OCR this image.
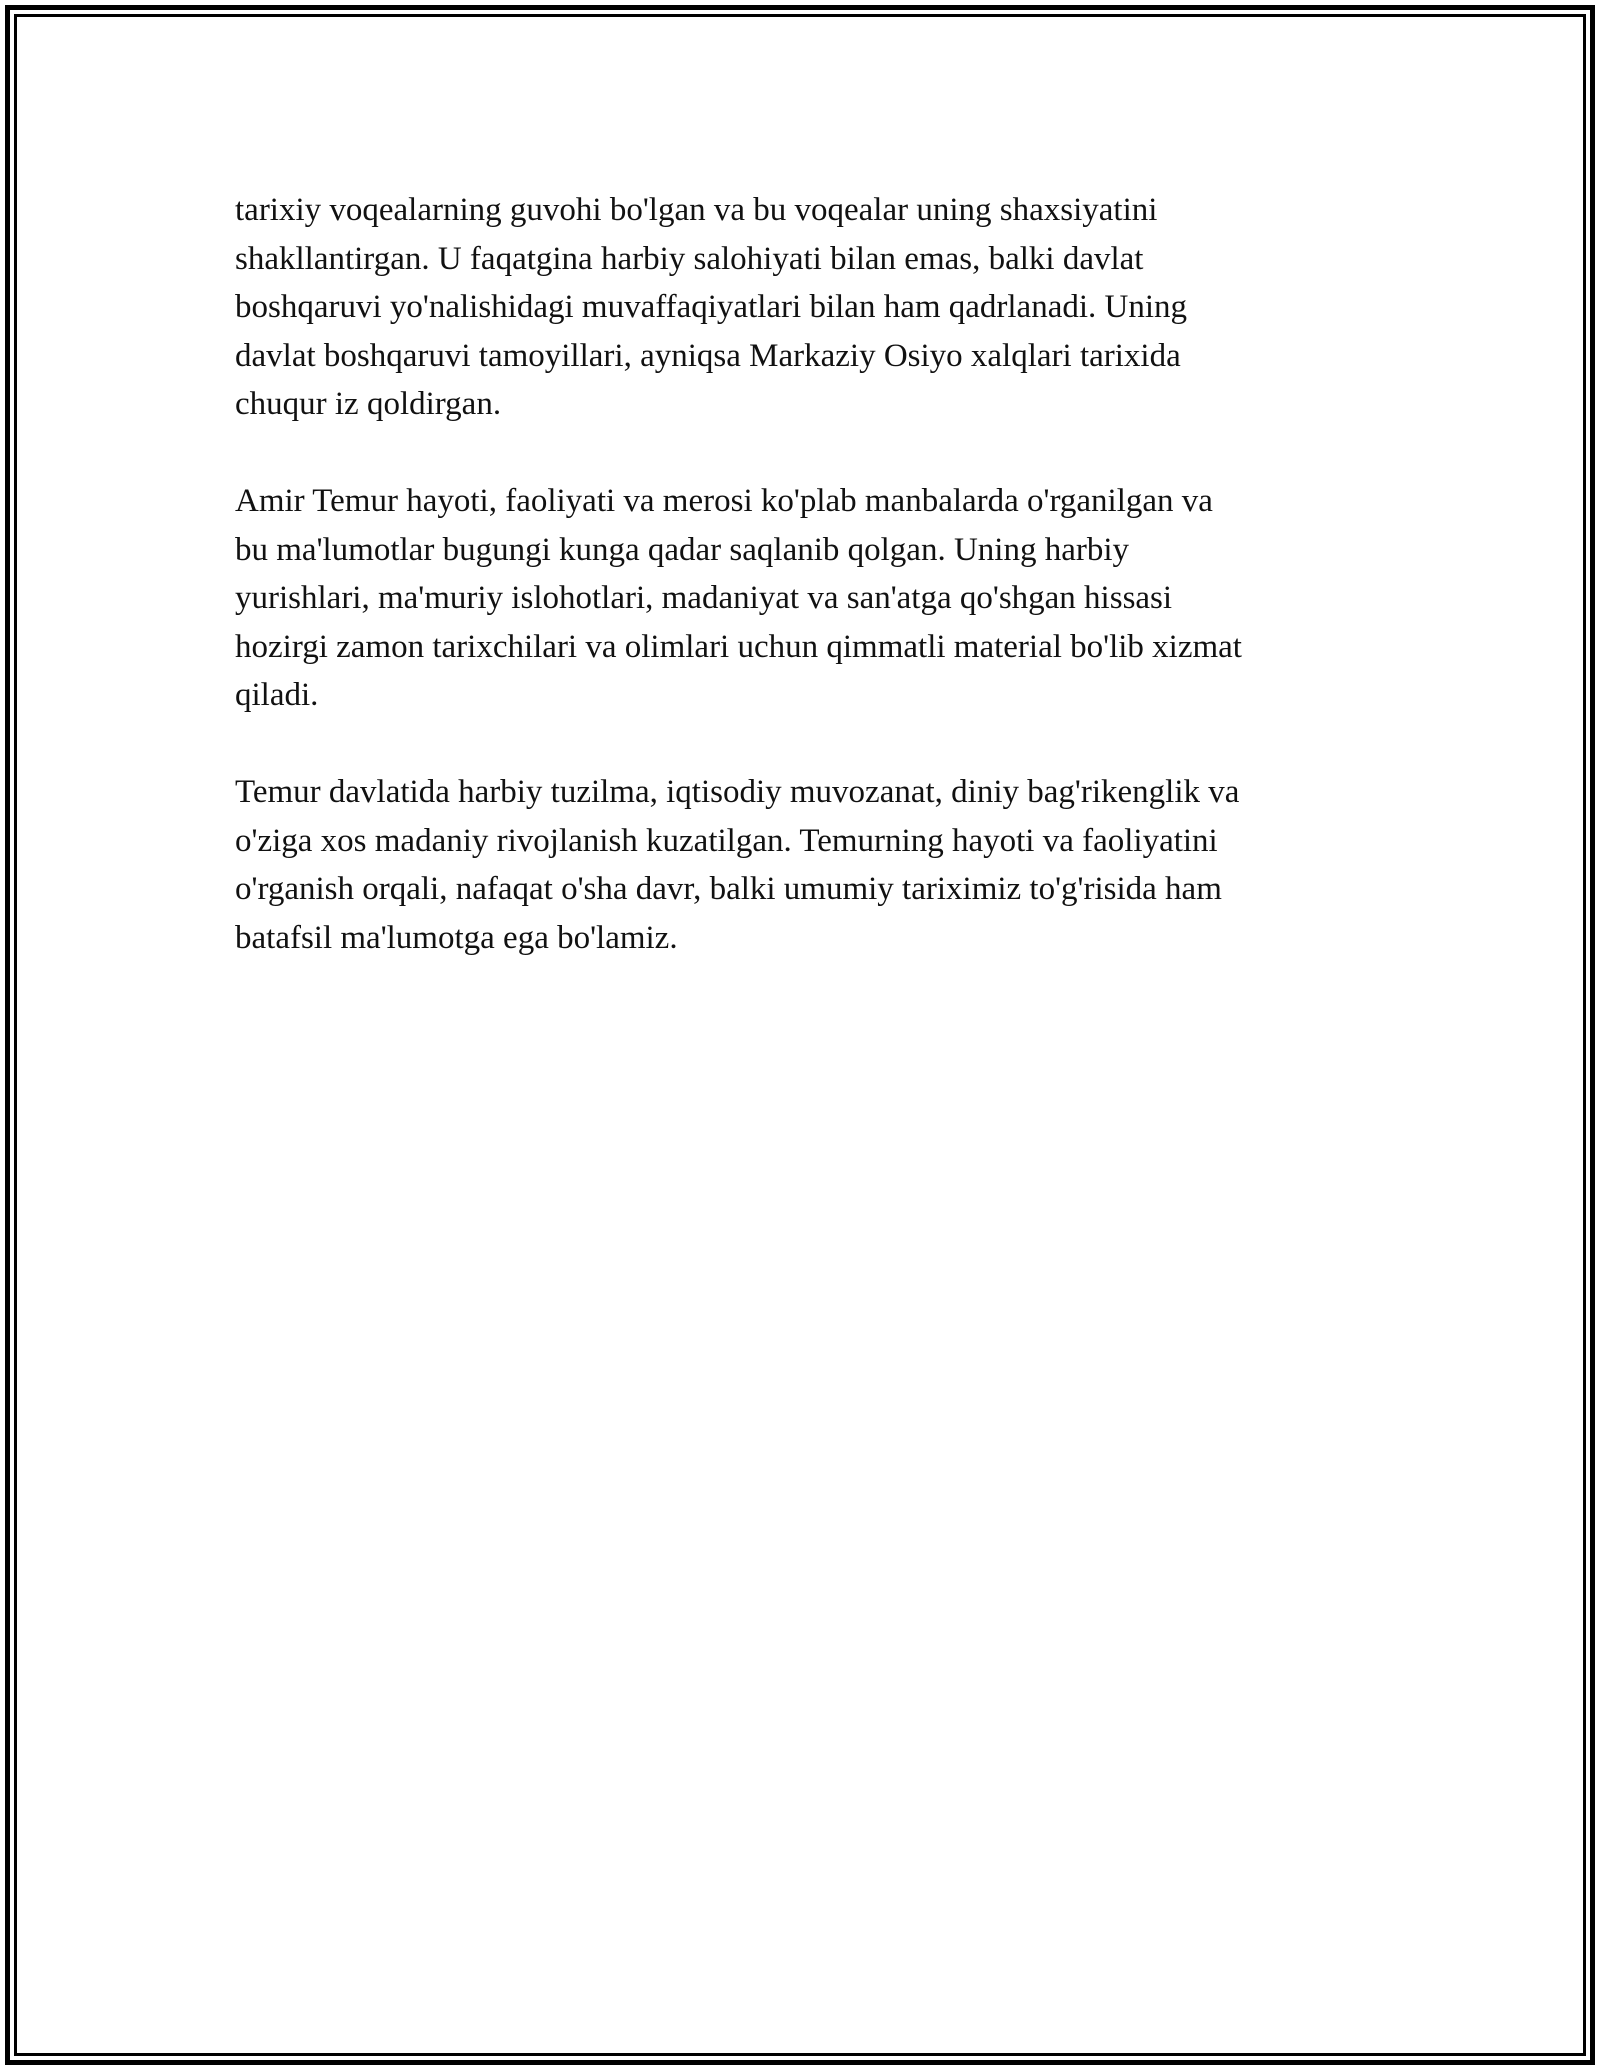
tarixiy voqealarning guvohi bo'lgan va bu voqealar uning shaxsiyatini
shakllantirgan. U faqatgina harbiy salohiyati bilan emas, balki davlat
boshqaruvi yo'nalishidagi muvaffaqiyatlari bilan ham qadrlanadi. Uning
davlat boshqaruvi tamoyillari, ayniqsa Markaziy Osiyo xalqlari tarixida
chuqur iz qoldirgan.

Amir Temur hayoti, faoliyati va merosi ko'plab manbalarda o'rganilgan va
bu ma'lumotlar bugungi kunga qadar saqlanib qolgan. Uning harbiy
yurishlari, ma'muriy islohotlari, madaniyat va san'atga qo'shgan hissasi
hozirgi zamon tarixchilari va olimlari uchun qimmatli material bo'lib xizmat
qiladi.

Temur davlatida harbiy tuzilma, iqtisodiy muvozanat, diniy bag'rikenglik va
o'ziga xos madaniy rivojlanish kuzatilgan. Temurning hayoti va faoliyatini
o'rganish orqali, nafaqat o'sha davr, balki umumiy tariximiz to'g'risida ham
batafsil ma'lumotga ega bo'lamiz.
